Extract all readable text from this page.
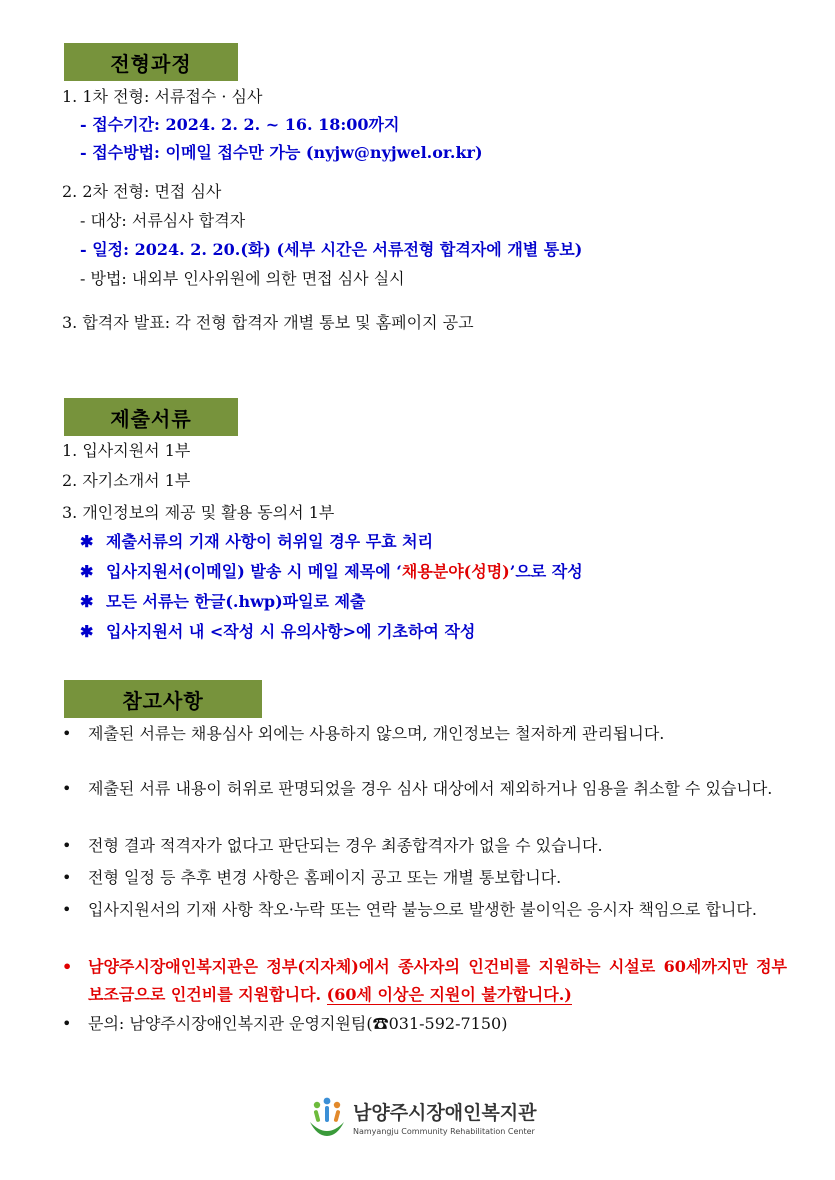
전형과정
1. 1차 전형: 서류접수 · 심사
- 접수기간: 2024. 2. 2. ~ 16. 18:00까지
- 접수방법: 이메일 접수만 가능 (nyjw@nyjwel.or.kr)
2. 2차 전형: 면접 심사
- 대상: 서류심사 합격자
- 일정: 2024. 2. 20.(화) (세부 시간은 서류전형 합격자에 개별 통보)
- 방법: 내외부 인사위원에 의한 면접 심사 실시
3. 합격자 발표: 각 전형 합격자 개별 통보 및 홈페이지 공고
제출서류
1. 입사지원서 1부
2. 자기소개서 1부
3. 개인정보의 제공 및 활용 동의서 1부
✱ 제출서류의 기재 사항이 허위일 경우 무효 처리
✱ 입사지원서(이메일) 발송 시 메일 제목에 ‘채용분야(성명)’으로 작성
✱ 모든 서류는 한글(.hwp)파일로 제출
✱ 입사지원서 내 <작성 시 유의사항>에 기초하여 작성
참고사항
• 제출된 서류는 채용심사 외에는 사용하지 않으며, 개인정보는 철저하게 관리됩니다.
• 제출된 서류 내용이 허위로 판명되었을 경우 심사 대상에서 제외하거나 임용을 취소할 수 있습니다.
• 전형 결과 적격자가 없다고 판단되는 경우 최종합격자가 없을 수 있습니다.
• 전형 일정 등 추후 변경 사항은 홈페이지 공고 또는 개별 통보합니다.
• 입사지원서의 기재 사항 착오·누락 또는 연락 불능으로 발생한 불이익은 응시자 책임으로 합니다.
• 남양주시장애인복지관은 정부(지자체)에서 종사자의 인건비를 지원하는 시설로 60세까지만 정부 보조금으로 인건비를 지원합니다. (60세 이상은 지원이 불가합니다.)
• 문의: 남양주시장애인복지관 운영지원팀(☎031-592-7150)
남양주시장애인복지관
Namyangju Community Rehabilitation Center
